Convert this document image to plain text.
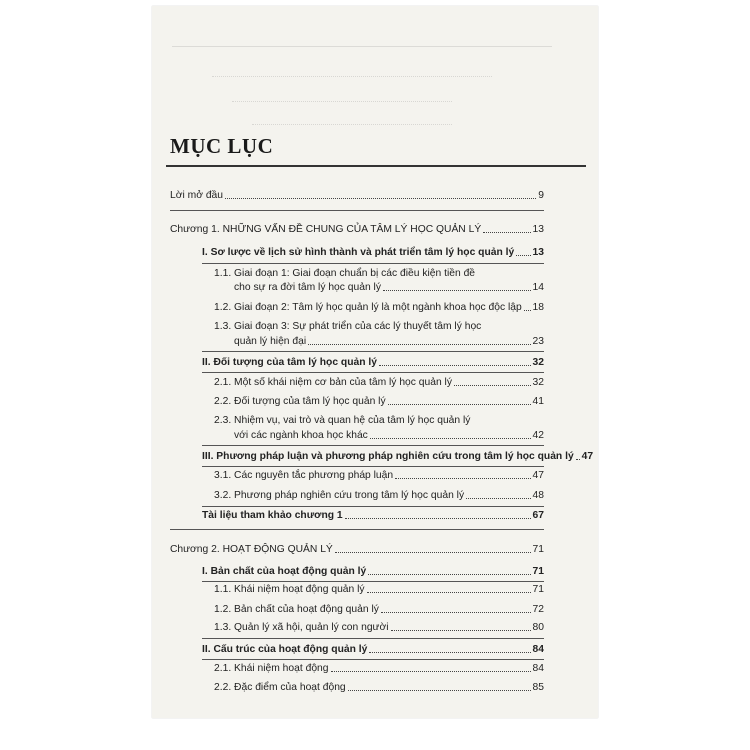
MỤC LỤC
Lời mở đầu	9
Chương 1. NHỮNG VẤN ĐỀ CHUNG CỦA TÂM LÝ HỌC QUẢN LÝ	13
I. Sơ lược về lịch sử hình thành và phát triển tâm lý học quản lý 13
1.1. Giai đoạn 1: Giai đoạn chuẩn bị các điều kiện tiền đề
cho sự ra đời tâm lý học quản lý	14
1.2. Giai đoạn 2: Tâm lý học quản lý là một ngành khoa học độc lập 18
1.3. Giai đoạn 3: Sự phát triển của các lý thuyết tâm lý học
quản lý hiện đại	23
II. Đối tượng của tâm lý học quản lý	32
2.1. Một số khái niệm cơ bản của tâm lý học quản lý	32
2.2. Đối tượng của tâm lý học quản lý	41
2.3. Nhiệm vụ, vai trò và quan hệ của tâm lý học quản lý
với các ngành khoa học khác	42
III. Phương pháp luận và phương pháp nghiên cứu trong tâm lý học quản lý 47
3.1. Các nguyên tắc phương pháp luận	47
3.2. Phương pháp nghiên cứu trong tâm lý học quản lý	48
Tài liệu tham khảo chương 1	67
Chương 2. HOẠT ĐỘNG QUẢN LÝ	71
I. Bản chất của hoạt động quản lý	71
1.1. Khái niệm hoạt động quản lý	71
1.2. Bản chất của hoạt động quản lý	72
1.3. Quản lý xã hội, quản lý con người	80
II. Cấu trúc của hoạt động quản lý	84
2.1. Khái niệm hoạt động	84
2.2. Đặc điểm của hoạt động	85
